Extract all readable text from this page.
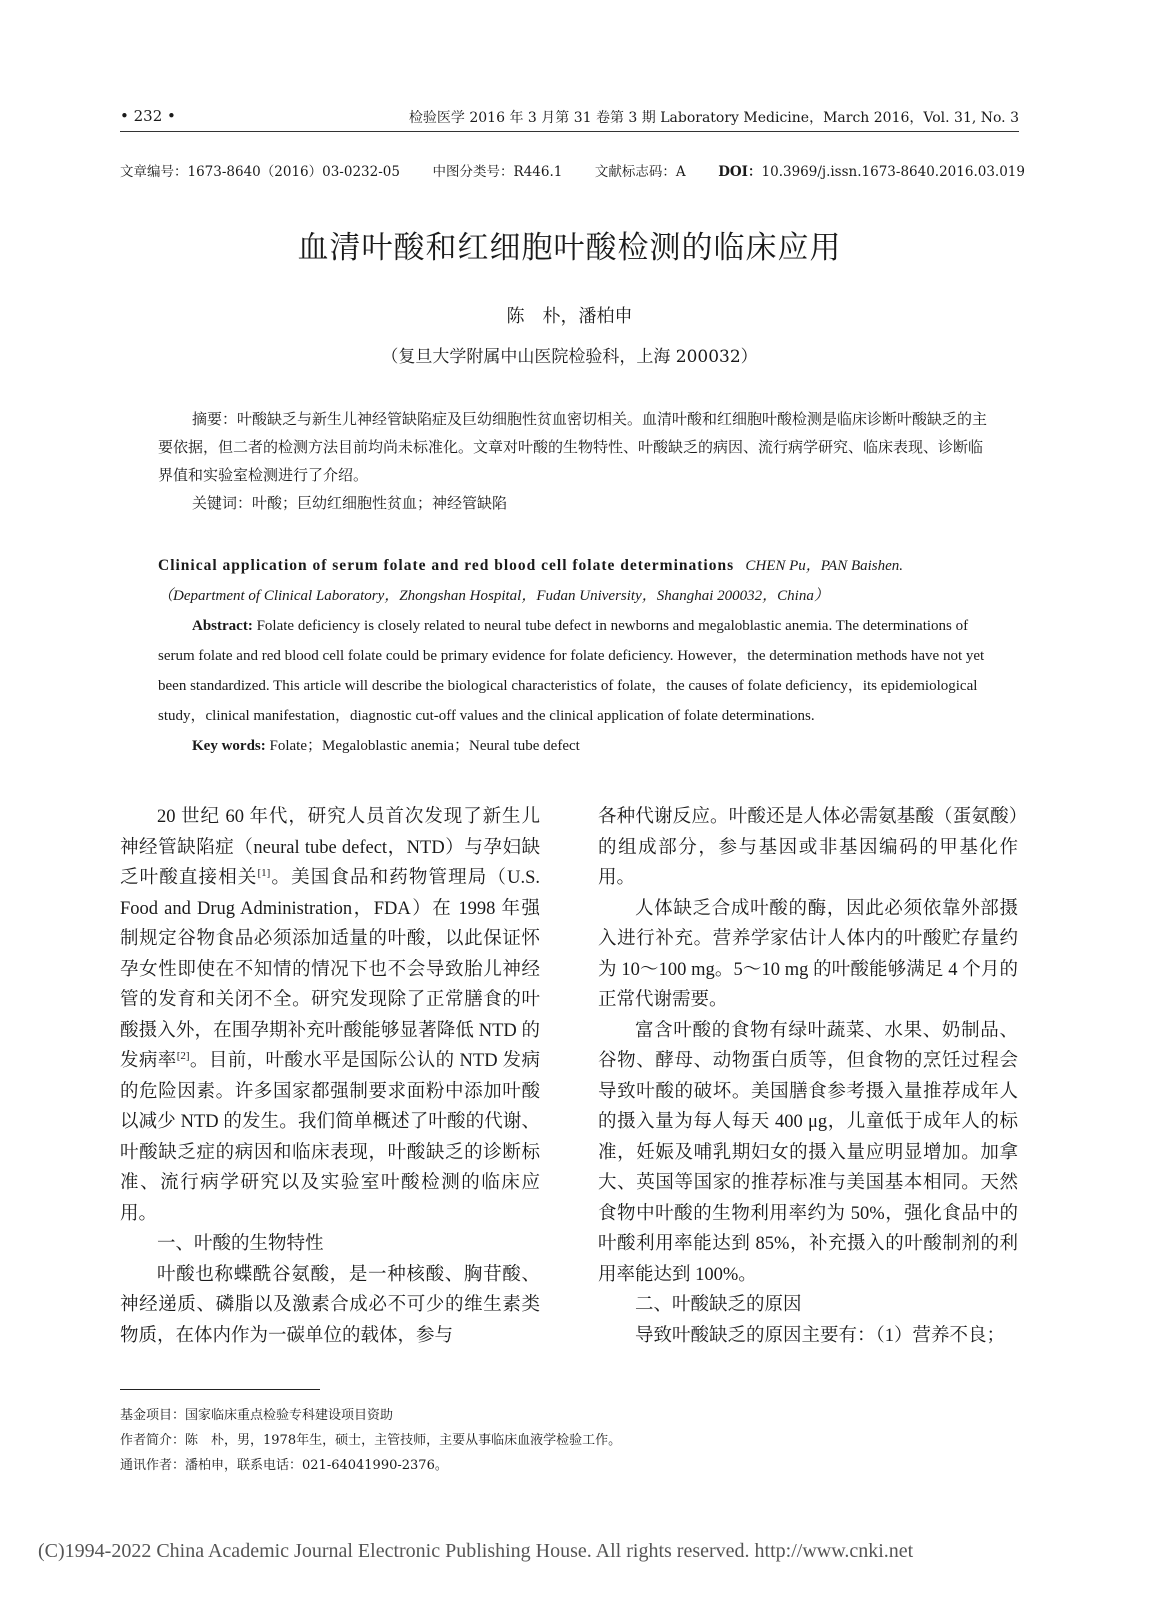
• 232 •	检验医学 2016 年 3 月第 31 卷第 3 期 Laboratory Medicine，March 2016，Vol. 31, No. 3
文章编号：1673-8640（2016）03-0232-05 中图分类号：R446.1 文献标志码：A DOI：10.3969/j.issn.1673-8640.2016.03.019
血清叶酸和红细胞叶酸检测的临床应用
陈　朴，潘柏申
（复旦大学附属中山医院检验科，上海 200032）

摘要：叶酸缺乏与新生儿神经管缺陷症及巨幼细胞性贫血密切相关。血清叶酸和红细胞叶酸检测是临床诊断叶酸缺乏的主要依据，但二者的检测方法目前均尚未标准化。文章对叶酸的生物特性、叶酸缺乏的病因、流行病学研究、临床表现、诊断临界值和实验室检测进行了介绍。

关键词：叶酸；巨幼红细胞性贫血；神经管缺陷

Clinical application of serum folate and red blood cell folate determinations CHEN Pu，PAN Baishen. （Department of Clinical Laboratory，Zhongshan Hospital，Fudan University，Shanghai 200032，China）

Abstract: Folate deficiency is closely related to neural tube defect in newborns and megaloblastic anemia. The determinations of serum folate and red blood cell folate could be primary evidence for folate deficiency. However，the determination methods have not yet been standardized. This article will describe the biological characteristics of folate，the causes of folate deficiency，its epidemiological study，clinical manifestation，diagnostic cut-off values and the clinical application of folate determinations.

Key words: Folate；Megaloblastic anemia；Neural tube defect

20 世纪 60 年代，研究人员首次发现了新生儿神经管缺陷症（neural tube defect，NTD）与孕妇缺乏叶酸直接相关[1]。美国食品和药物管理局（U.S. Food and Drug Administration，FDA）在 1998 年强制规定谷物食品必须添加适量的叶酸，以此保证怀孕女性即使在不知情的情况下也不会导致胎儿神经管的发育和关闭不全。研究发现除了正常膳食的叶酸摄入外，在围孕期补充叶酸能够显著降低 NTD 的发病率[2]。目前，叶酸水平是国际公认的 NTD 发病的危险因素。许多国家都强制要求面粉中添加叶酸以减少 NTD 的发生。我们简单概述了叶酸的代谢、叶酸缺乏症的病因和临床表现，叶酸缺乏的诊断标准、流行病学研究以及实验室叶酸检测的临床应用。

一、叶酸的生物特性

叶酸也称蝶酰谷氨酸，是一种核酸、胸苷酸、神经递质、磷脂以及激素合成必不可少的维生素类物质，在体内作为一碳单位的载体，参与

各种代谢反应。叶酸还是人体必需氨基酸（蛋氨酸）的组成部分，参与基因或非基因编码的甲基化作用。

人体缺乏合成叶酸的酶，因此必须依靠外部摄入进行补充。营养学家估计人体内的叶酸贮存量约为 10～100 mg。5～10 mg 的叶酸能够满足 4 个月的正常代谢需要。

富含叶酸的食物有绿叶蔬菜、水果、奶制品、谷物、酵母、动物蛋白质等，但食物的烹饪过程会导致叶酸的破坏。美国膳食参考摄入量推荐成年人的摄入量为每人每天 400 μg，儿童低于成年人的标准，妊娠及哺乳期妇女的摄入量应明显增加。加拿大、英国等国家的推荐标准与美国基本相同。天然食物中叶酸的生物利用率约为 50%，强化食品中的叶酸利用率能达到 85%，补充摄入的叶酸制剂的利用率能达到 100%。

二、叶酸缺乏的原因

导致叶酸缺乏的原因主要有：（1）营养不良；

基金项目：国家临床重点检验专科建设项目资助
作者简介：陈　朴，男，1978年生，硕士，主管技师，主要从事临床血液学检验工作。
通讯作者：潘柏申，联系电话：021-64041990-2376。
(C)1994-2022 China Academic Journal Electronic Publishing House. All rights reserved. http://www.cnki.net
